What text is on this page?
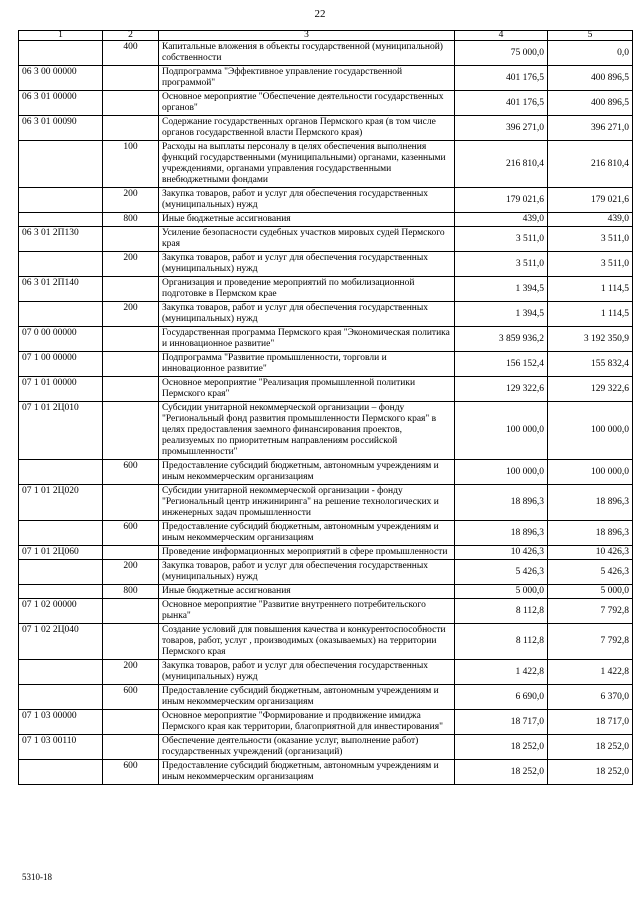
22
1	2	3	4	5
	400	Капитальные вложения в объекты государственной (муниципальной) собственности	75 000,0	0,0
06 3 00 00000		Подпрограмма "Эффективное управление государственной программой"	401 176,5	400 896,5
06 3 01 00000		Основное мероприятие "Обеспечение деятельности государственных органов"	401 176,5	400 896,5
06 3 01 00090		Содержание государственных органов Пермского края (в том числе органов государственной власти Пермского края)	396 271,0	396 271,0
	100	Расходы на выплаты персоналу в целях обеспечения выполнения функций государственными (муниципальными) органами, казенными учреждениями, органами управления государственными внебюджетными фондами	216 810,4	216 810,4
	200	Закупка товаров, работ и услуг для обеспечения государственных (муниципальных) нужд	179 021,6	179 021,6
	800	Иные бюджетные ассигнования	439,0	439,0
06 3 01 2П130		Усиление безопасности судебных участков мировых судей Пермского края	3 511,0	3 511,0
	200	Закупка товаров, работ и услуг для обеспечения государственных (муниципальных) нужд	3 511,0	3 511,0
06 3 01 2П140		Организация и проведение мероприятий по мобилизационной подготовке в Пермском крае	1 394,5	1 114,5
	200	Закупка товаров, работ и услуг для обеспечения государственных (муниципальных) нужд	1 394,5	1 114,5
07 0 00 00000		Государственная программа Пермского края "Экономическая политика и инновационное развитие"	3 859 936,2	3 192 350,9
07 1 00 00000		Подпрограмма "Развитие промышленности, торговли и инновационное развитие"	156 152,4	155 832,4
07 1 01 00000		Основное мероприятие "Реализация промышленной политики Пермского края"	129 322,6	129 322,6
07 1 01 2Ц010		Субсидии унитарной некоммерческой организации – фонду "Региональный фонд развития промышленности Пермского края" в целях предоставления заемного финансирования проектов, реализуемых по приоритетным направлениям российской промышленности"	100 000,0	100 000,0
	600	Предоставление субсидий бюджетным, автономным учреждениям и иным некоммерческим организациям	100 000,0	100 000,0
07 1 01 2Ц020		Субсидии унитарной некоммерческой организации - фонду "Региональный центр инжиниринга" на решение технологических и инженерных задач промышленности	18 896,3	18 896,3
	600	Предоставление субсидий бюджетным, автономным учреждениям и иным некоммерческим организациям	18 896,3	18 896,3
07 1 01 2Ц060		Проведение информационных мероприятий в сфере промышленности	10 426,3	10 426,3
	200	Закупка товаров, работ и услуг для обеспечения государственных (муниципальных) нужд	5 426,3	5 426,3
	800	Иные бюджетные ассигнования	5 000,0	5 000,0
07 1 02 00000		Основное мероприятие "Развитие внутреннего потребительского рынка"	8 112,8	7 792,8
07 1 02 2Ц040		Создание условий для повышения качества и конкурентоспособности товаров, работ, услуг , производимых (оказываемых) на территории Пермского края	8 112,8	7 792,8
	200	Закупка товаров, работ и услуг для обеспечения государственных (муниципальных) нужд	1 422,8	1 422,8
	600	Предоставление субсидий бюджетным, автономным учреждениям и иным некоммерческим организациям	6 690,0	6 370,0
07 1 03 00000		Основное мероприятие "Формирование и продвижение имиджа Пермского края как территории, благоприятной для инвестирования"	18 717,0	18 717,0
07 1 03 00110		Обеспечение деятельности (оказание услуг, выполнение работ) государственных учреждений (организаций)	18 252,0	18 252,0
	600	Предоставление субсидий бюджетным, автономным учреждениям и иным некоммерческим организациям	18 252,0	18 252,0
5310-18
